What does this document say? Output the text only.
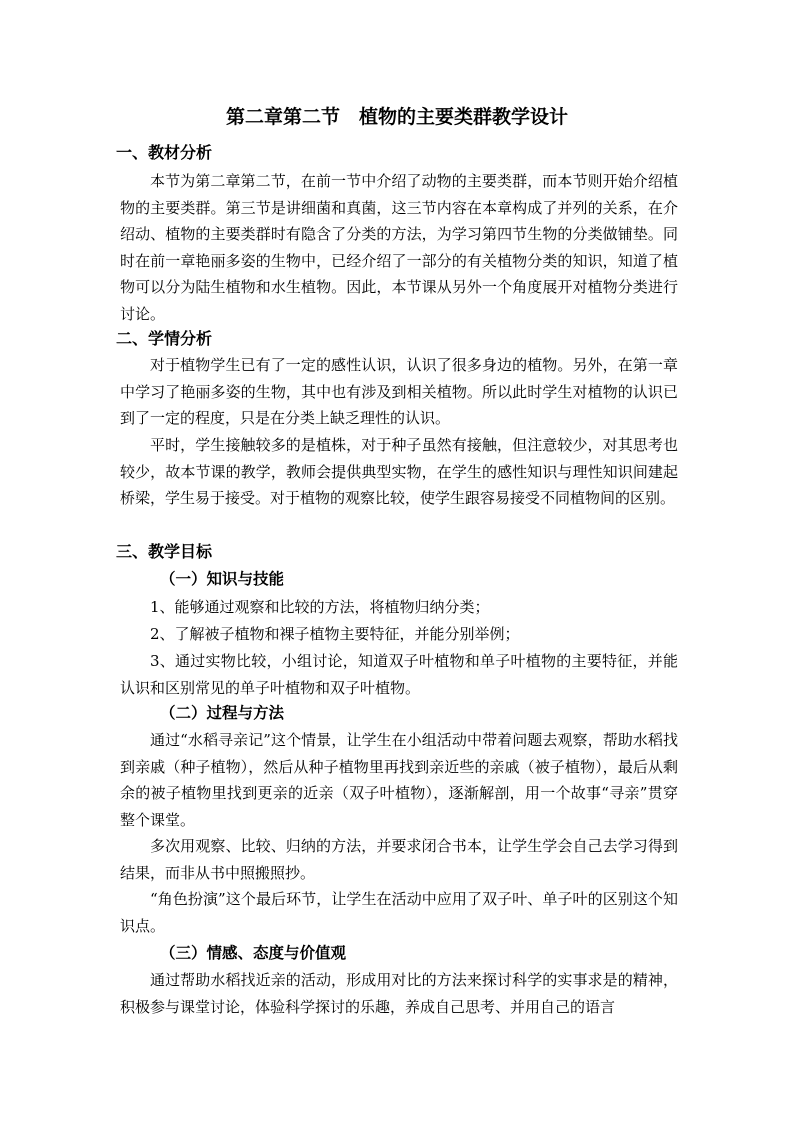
第二章第二节　植物的主要类群教学设计
一、教材分析

本节为第二章第二节，在前一节中介绍了动物的主要类群，而本节则开始介绍植物的主要类群。第三节是讲细菌和真菌，这三节内容在本章构成了并列的关系，在介绍动、植物的主要类群时有隐含了分类的方法，为学习第四节生物的分类做铺垫。同时在前一章艳丽多姿的生物中，已经介绍了一部分的有关植物分类的知识，知道了植物可以分为陆生植物和水生植物。因此，本节课从另外一个角度展开对植物分类进行讨论。

二、学情分析

对于植物学生已有了一定的感性认识，认识了很多身边的植物。另外，在第一章中学习了艳丽多姿的生物，其中也有涉及到相关植物。所以此时学生对植物的认识已到了一定的程度，只是在分类上缺乏理性的认识。

平时，学生接触较多的是植株，对于种子虽然有接触，但注意较少，对其思考也较少，故本节课的教学，教师会提供典型实物，在学生的感性知识与理性知识间建起桥梁，学生易于接受。对于植物的观察比较，使学生跟容易接受不同植物间的区别。

三、教学目标
（一）知识与技能

1、能够通过观察和比较的方法，将植物归纳分类；

2、了解被子植物和裸子植物主要特征，并能分别举例；

3、通过实物比较，小组讨论，知道双子叶植物和单子叶植物的主要特征，并能认识和区别常见的单子叶植物和双子叶植物。

（二）过程与方法

通过“水稻寻亲记”这个情景，让学生在小组活动中带着问题去观察，帮助水稻找到亲戚（种子植物），然后从种子植物里再找到亲近些的亲戚（被子植物），最后从剩余的被子植物里找到更亲的近亲（双子叶植物），逐渐解剖，用一个故事“寻亲”贯穿整个课堂。

多次用观察、比较、归纳的方法，并要求闭合书本，让学生学会自己去学习得到结果，而非从书中照搬照抄。

“角色扮演”这个最后环节，让学生在活动中应用了双子叶、单子叶的区别这个知识点。

（三）情感、态度与价值观

通过帮助水稻找近亲的活动，形成用对比的方法来探讨科学的实事求是的精神，积极参与课堂讨论，体验科学探讨的乐趣，养成自己思考、并用自己的语言
